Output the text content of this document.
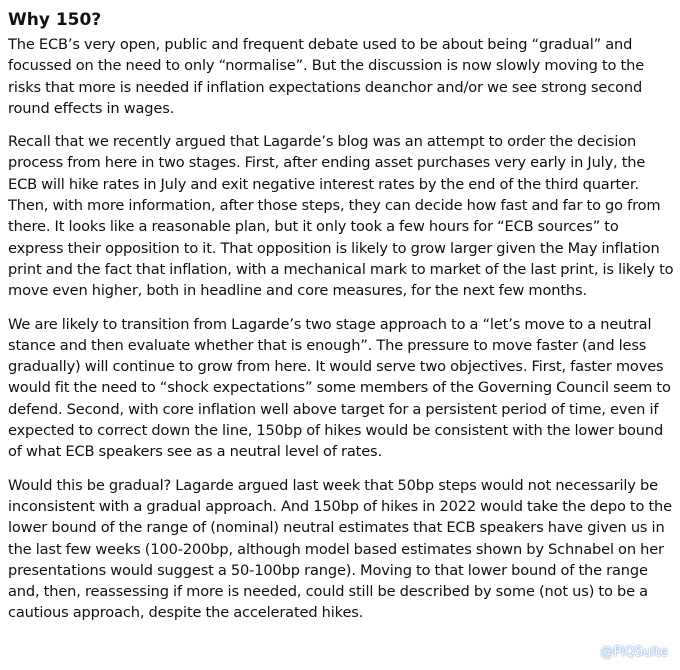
Why 150?

The ECB’s very open, public and frequent debate used to be about being “gradual” and focussed on the need to only “normalise”. But the discussion is now slowly moving to the risks that more is needed if inflation expectations deanchor and/or we see strong second round effects in wages.

Recall that we recently argued that Lagarde’s blog was an attempt to order the decision process from here in two stages. First, after ending asset purchases very early in July, the ECB will hike rates in July and exit negative interest rates by the end of the third quarter. Then, with more information, after those steps, they can decide how fast and far to go from there. It looks like a reasonable plan, but it only took a few hours for “ECB sources” to express their opposition to it. That opposition is likely to grow larger given the May inflation print and the fact that inflation, with a mechanical mark to market of the last print, is likely to move even higher, both in headline and core measures, for the next few months.

We are likely to transition from Lagarde’s two stage approach to a “let’s move to a neutral stance and then evaluate whether that is enough”. The pressure to move faster (and less gradually) will continue to grow from here. It would serve two objectives. First, faster moves would fit the need to “shock expectations” some members of the Governing Council seem to defend. Second, with core inflation well above target for a persistent period of time, even if expected to correct down the line, 150bp of hikes would be consistent with the lower bound of what ECB speakers see as a neutral level of rates.

Would this be gradual? Lagarde argued last week that 50bp steps would not necessarily be inconsistent with a gradual approach. And 150bp of hikes in 2022 would take the depo to the lower bound of the range of (nominal) neutral estimates that ECB speakers have given us in the last few weeks (100-200bp, although model based estimates shown by Schnabel on her presentations would suggest a 50-100bp range). Moving to that lower bound of the range and, then, reassessing if more is needed, could still be described by some (not us) to be a cautious approach, despite the accelerated hikes.

@PiQSuite
